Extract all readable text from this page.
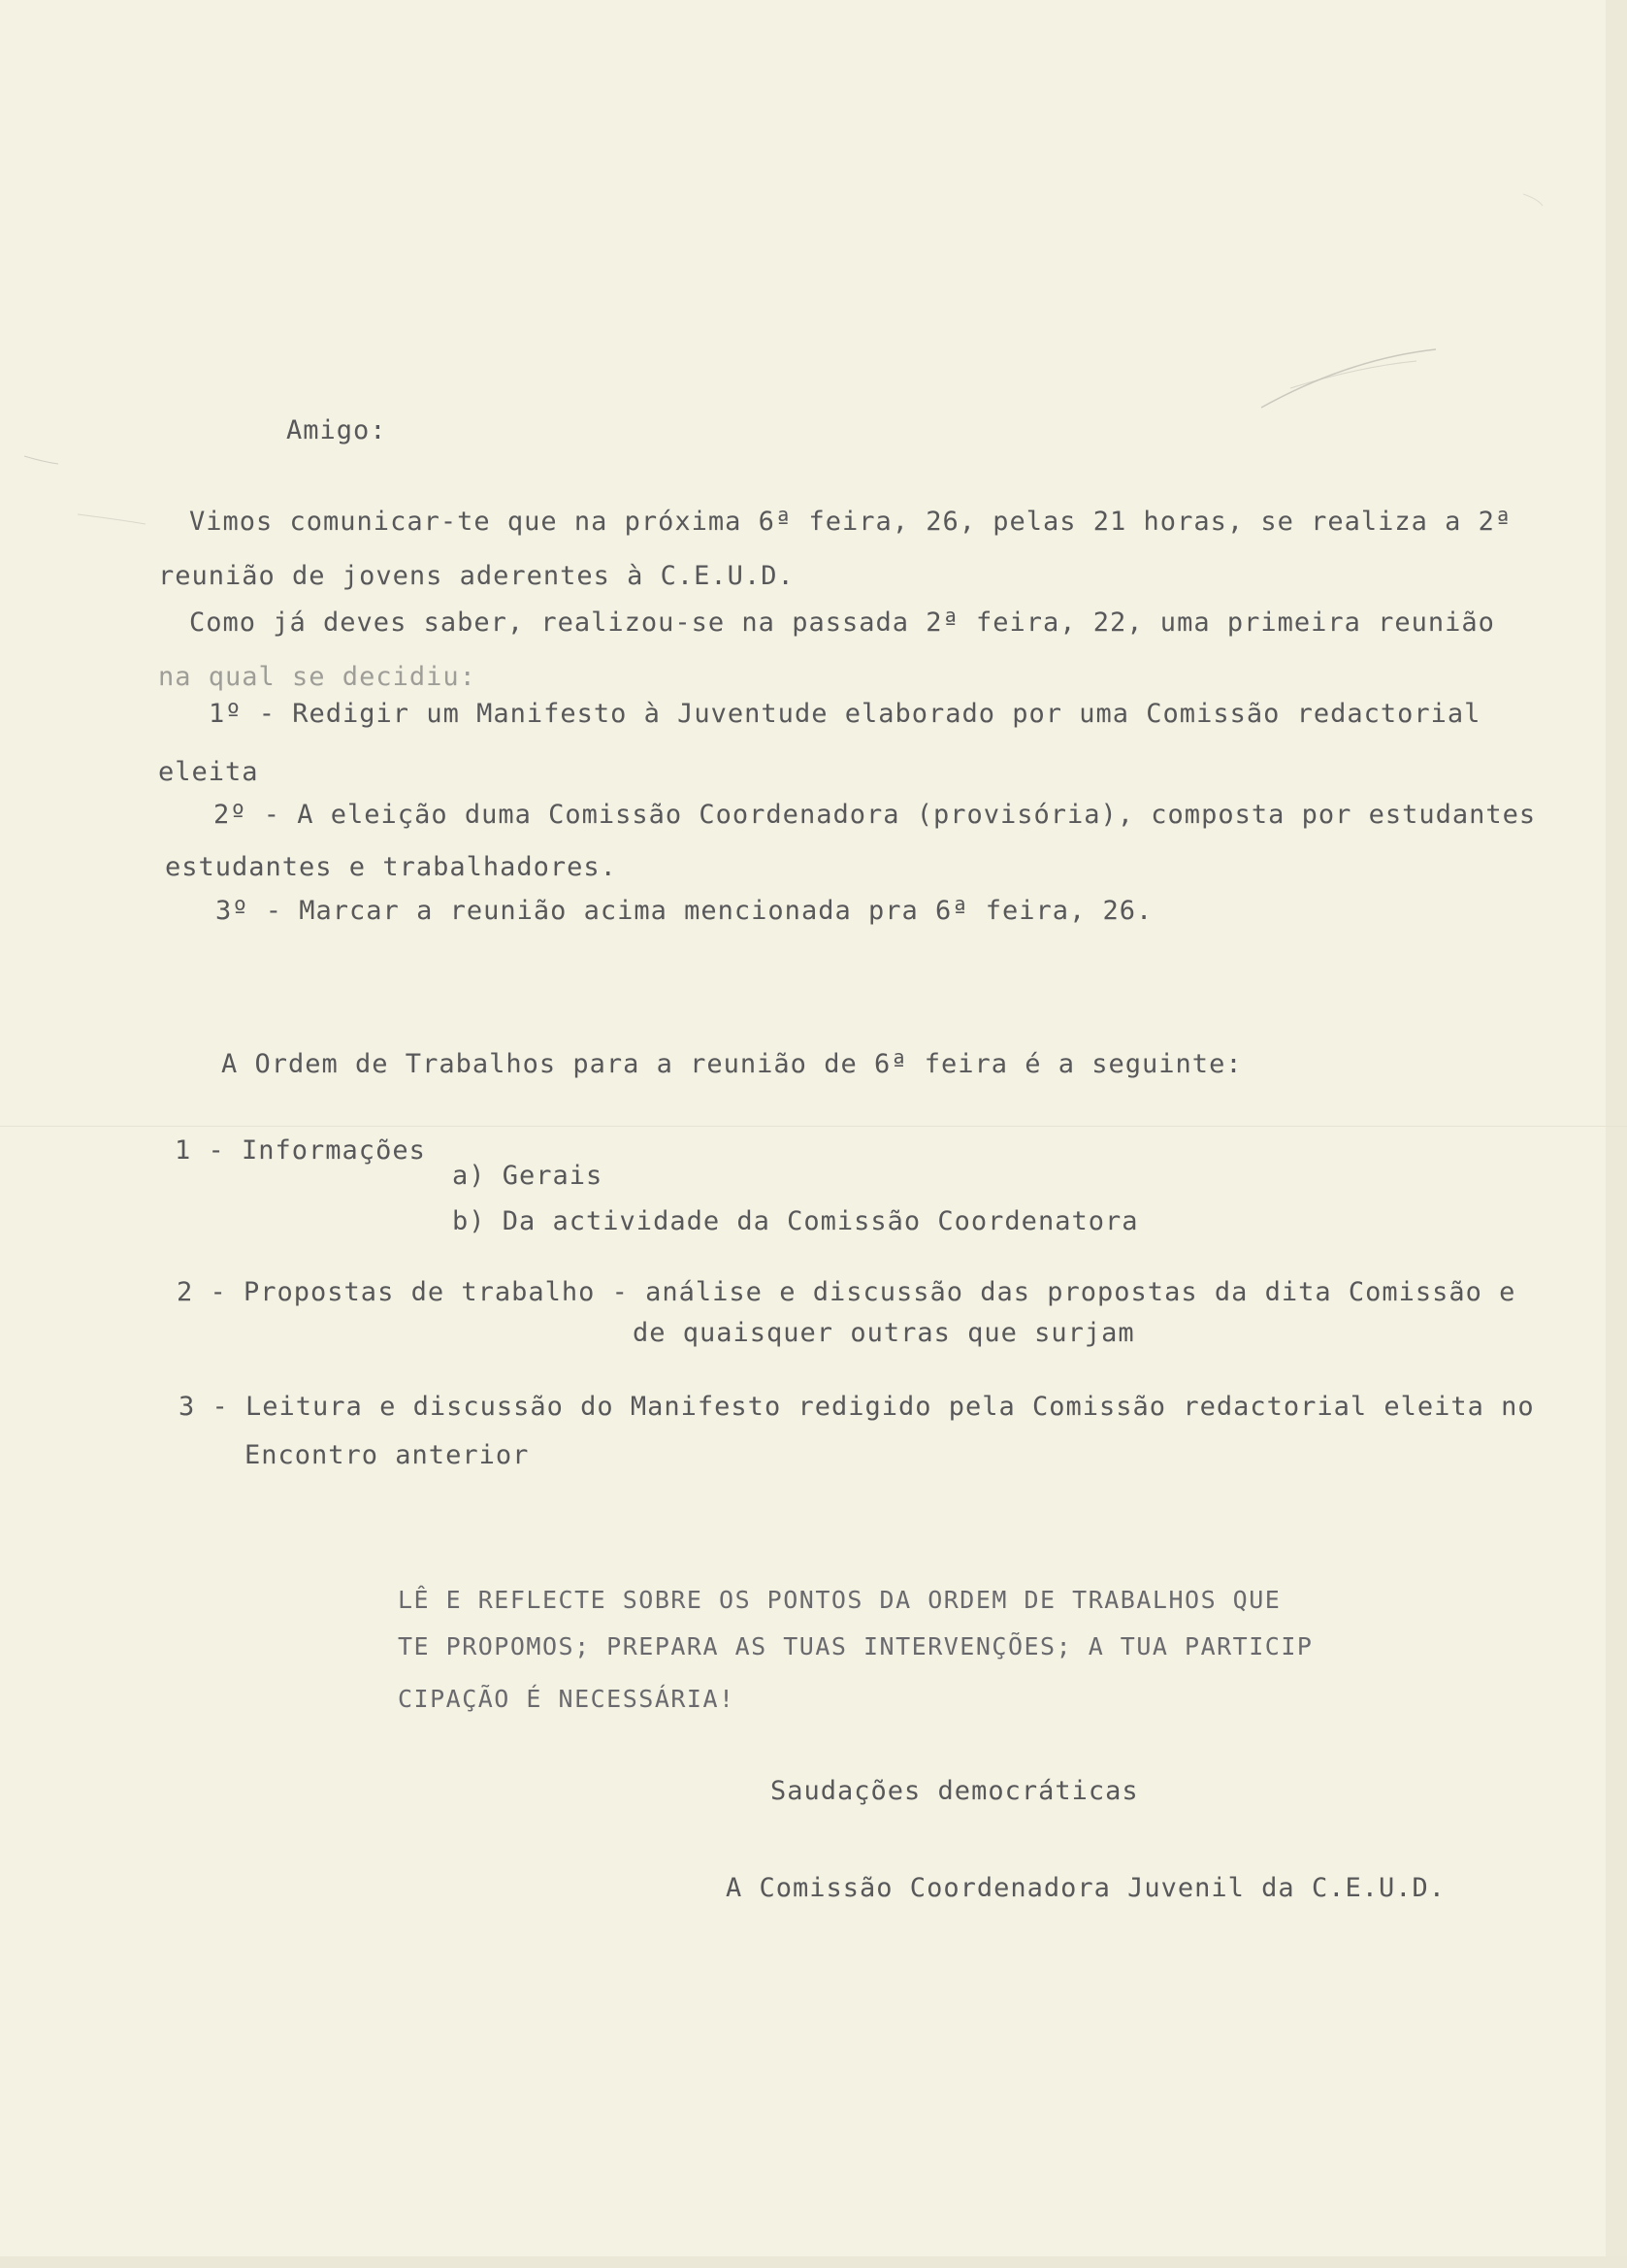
Amigo:
Vimos comunicar-te que na próxima 6ª feira, 26, pelas 21 horas, se realiza a 2ª
reunião de jovens aderentes à C.E.U.D.
Como já deves saber, realizou-se na passada 2ª feira, 22, uma primeira reunião
na qual se decidiu:
1º - Redigir um Manifesto à Juventude elaborado por uma Comissão redactorial
eleita
2º - A eleição duma Comissão Coordenadora (provisória), composta por estudantes
estudantes e trabalhadores.
3º - Marcar a reunião acima mencionada pra 6ª feira, 26.
A Ordem de Trabalhos para a reunião de 6ª feira é a seguinte:
1 - Informações
a) Gerais
b) Da actividade da Comissão Coordenatora
2 - Propostas de trabalho - análise e discussão das propostas da dita Comissão e
de quaisquer outras que surjam
3 - Leitura e discussão do Manifesto redigido pela Comissão redactorial eleita no
Encontro anterior
LÊ E REFLECTE SOBRE OS PONTOS DA ORDEM DE TRABALHOS QUE
TE PROPOMOS; PREPARA AS TUAS INTERVENÇÕES; A TUA PARTICIP
CIPAÇÃO É NECESSÁRIA!
Saudações democráticas
A Comissão Coordenadora Juvenil da C.E.U.D.
